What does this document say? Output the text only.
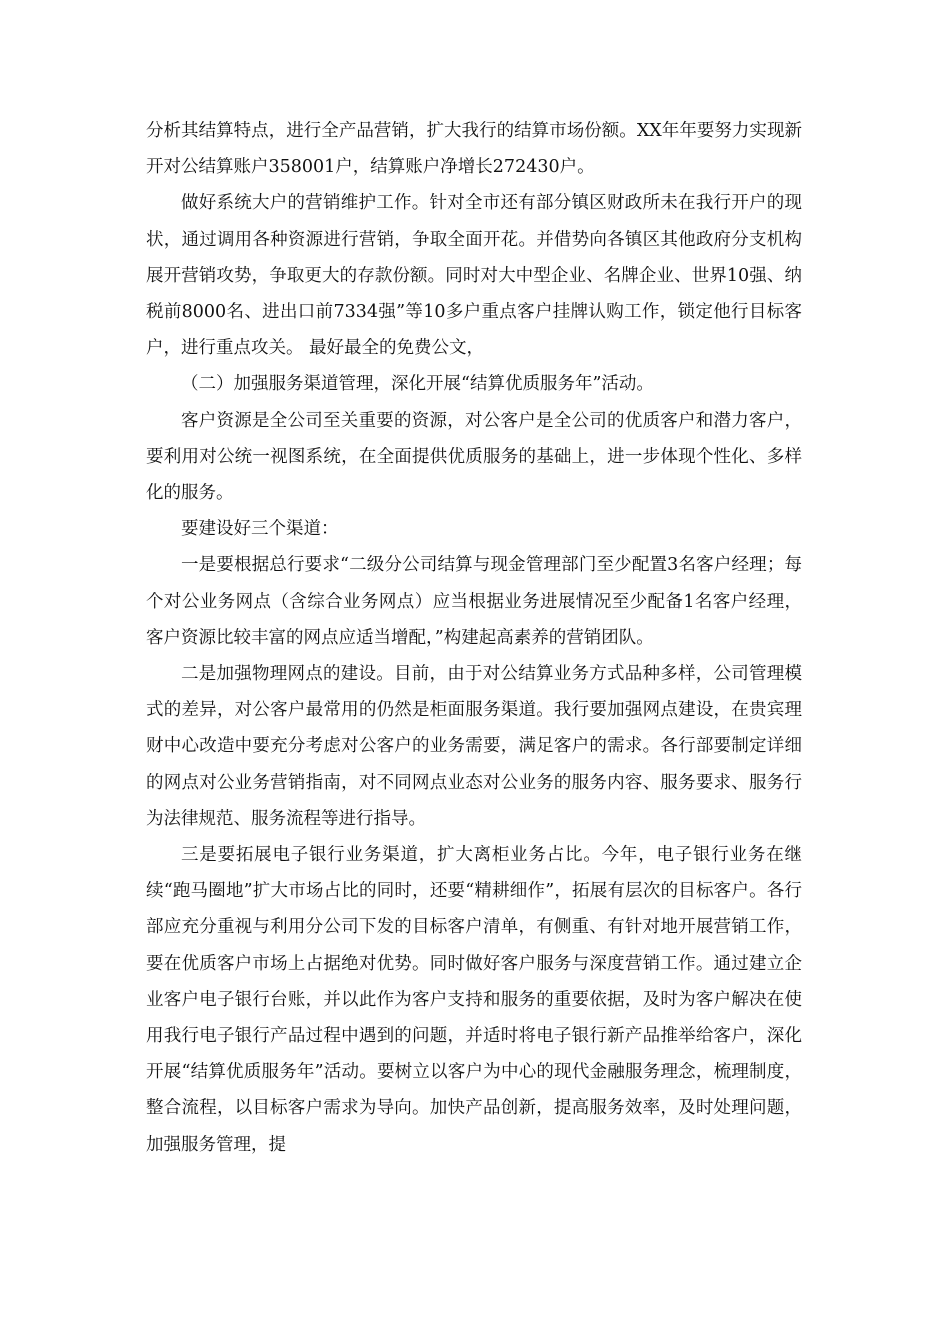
分析其结算特点，进行全产品营销，扩大我行的结算市场份额。XX年年要努力实现新开对公结算账户358001户，结算账户净增长272430户。

做好系统大户的营销维护工作。针对全市还有部分镇区财政所未在我行开户的现状，通过调用各种资源进行营销，争取全面开花。并借势向各镇区其他政府分支机构展开营销攻势，争取更大的存款份额。同时对大中型企业、名牌企业、世界10强、纳税前8000名、进出口前7334强”等10多户重点客户挂牌认购工作，锁定他行目标客户，进行重点攻关。 最好最全的免费公文，

（二）加强服务渠道管理，深化开展“结算优质服务年”活动。

客户资源是全公司至关重要的资源，对公客户是全公司的优质客户和潜力客户，要利用对公统一视图系统，在全面提供优质服务的基础上，进一步体现个性化、多样化的服务。

要建设好三个渠道：

一是要根据总行要求“二级分公司结算与现金管理部门至少配置3名客户经理；每个对公业务网点（含综合业务网点）应当根据业务进展情况至少配备1名客户经理，客户资源比较丰富的网点应适当增配，”构建起高素养的营销团队。

二是加强物理网点的建设。目前，由于对公结算业务方式品种多样，公司管理模式的差异，对公客户最常用的仍然是柜面服务渠道。我行要加强网点建设，在贵宾理财中心改造中要充分考虑对公客户的业务需要，满足客户的需求。各行部要制定详细的网点对公业务营销指南，对不同网点业态对公业务的服务内容、服务要求、服务行为法律规范、服务流程等进行指导。

三是要拓展电子银行业务渠道，扩大离柜业务占比。今年，电子银行业务在继续“跑马圈地”扩大市场占比的同时，还要“精耕细作”，拓展有层次的目标客户。各行部应充分重视与利用分公司下发的目标客户清单，有侧重、有针对地开展营销工作，要在优质客户市场上占据绝对优势。同时做好客户服务与深度营销工作。通过建立企业客户电子银行台账，并以此作为客户支持和服务的重要依据，及时为客户解决在使用我行电子银行产品过程中遇到的问题，并适时将电子银行新产品推举给客户，深化开展“结算优质服务年”活动。要树立以客户为中心的现代金融服务理念，梳理制度，整合流程，以目标客户需求为导向。加快产品创新，提高服务效率，及时处理问题，加强服务管理，提
